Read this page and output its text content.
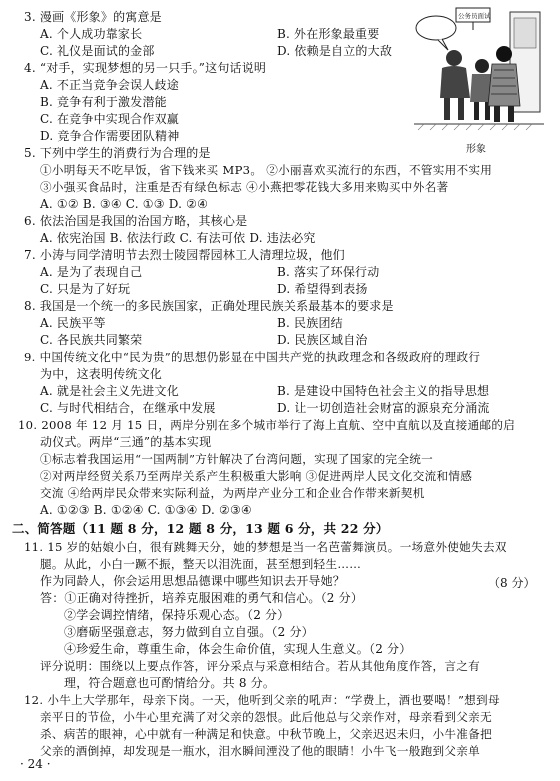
3. 漫画《形象》的寓意是
A. 个人成功靠家长	B. 外在形象最重要
C. 礼仪是面试的金部	D. 依赖是自立的大敌
4. “对手，实现梦想的另一只手。”这句话说明
A. 不正当竞争会误人歧途
B. 竞争有利于激发潜能
C. 在竞争中实现合作双赢
D. 竞争合作需要团队精神
公务员面试
形象
5. 下列中学生的消费行为合理的是
①小明每天不吃早饭，省下钱来买 MP3。 ②小丽喜欢买流行的东西，不管实用不实用
③小强买食品时，注重是否有绿色标志 ④小燕把零花钱大多用来购买中外名著
A. ①② B. ③④ C. ①③ D. ②④
6. 依法治国是我国的治国方略，其核心是
A. 依宪治国 B. 依法行政 C. 有法可依 D. 违法必究
7. 小涛与同学清明节去烈士陵园帮园林工人清理垃圾，他们
A. 是为了表现自己	B. 落实了环保行动
C. 只是为了好玩	D. 希望得到表扬
8. 我国是一个统一的多民族国家，正确处理民族关系最基本的要求是
A. 民族平等	B. 民族团结
C. 各民族共同繁荣	D. 民族区域自治
9. 中国传统文化中“民为贵”的思想仍影显在中国共产党的执政理念和各级政府的理政行
为中，这表明传统文化
A. 就是社会主义先进文化	B. 是建设中国特色社会主义的指导思想
C. 与时代相结合，在继承中发展	D. 让一切创造社会财富的源泉充分涌流
10. 2008 年 12 月 15 日，两岸分别在多个城市举行了海上直航、空中直航以及直接通邮的启
动仪式。两岸“三通”的基本实现
①标志着我国运用“一国两制”方针解决了台湾问题，实现了国家的完全统一
②对两岸经贸关系乃至两岸关系产生积极重大影响 ③促进两岸人民文化交流和情感
交流 ④给两岸民众带来实际利益，为两岸产业分工和企业合作带来新契机
A. ①②③ B. ①②④ C. ①③④ D. ②③④
二、简答题（11 题 8 分，12 题 8 分，13 题 6 分，共 22 分）
11. 15 岁的姑娘小白，很有跳舞天分，她的梦想是当一名芭蕾舞演员。一场意外使她失去双
腿。从此，小白一蹶不振，整天以泪洗面，甚至想到轻生……
作为同龄人，你会运用思想品德课中哪些知识去开导她？	（8 分）
答：①正确对待挫折，培养克服困难的勇气和信心。（2 分）
②学会调控情绪，保持乐观心态。（2 分）
③磨砺坚强意志，努力做到自立自强。（2 分）
④珍爱生命，尊重生命，体会生命价值，实现人生意义。（2 分）
评分说明：围绕以上要点作答，评分采点与采意相结合。若从其他角度作答，言之有
理，符合题意也可酌情给分。共 8 分。
12. 小牛上大学那年，母亲下岗。一天，他听到父亲的吼声：“学费上，酒也要喝！”想到母
亲平日的节俭，小牛心里充满了对父亲的怨恨。此后他总与父亲作对，母亲看到父亲无
杀、病苦的眼神，心中就有一种满足和快意。中秋节晚上，父亲迟迟未归，小牛准备把
父亲的酒倒掉，却发现是一瓶水，泪水瞬间湮没了他的眼睛！小牛飞一般跑到父亲单
· 24 ·
